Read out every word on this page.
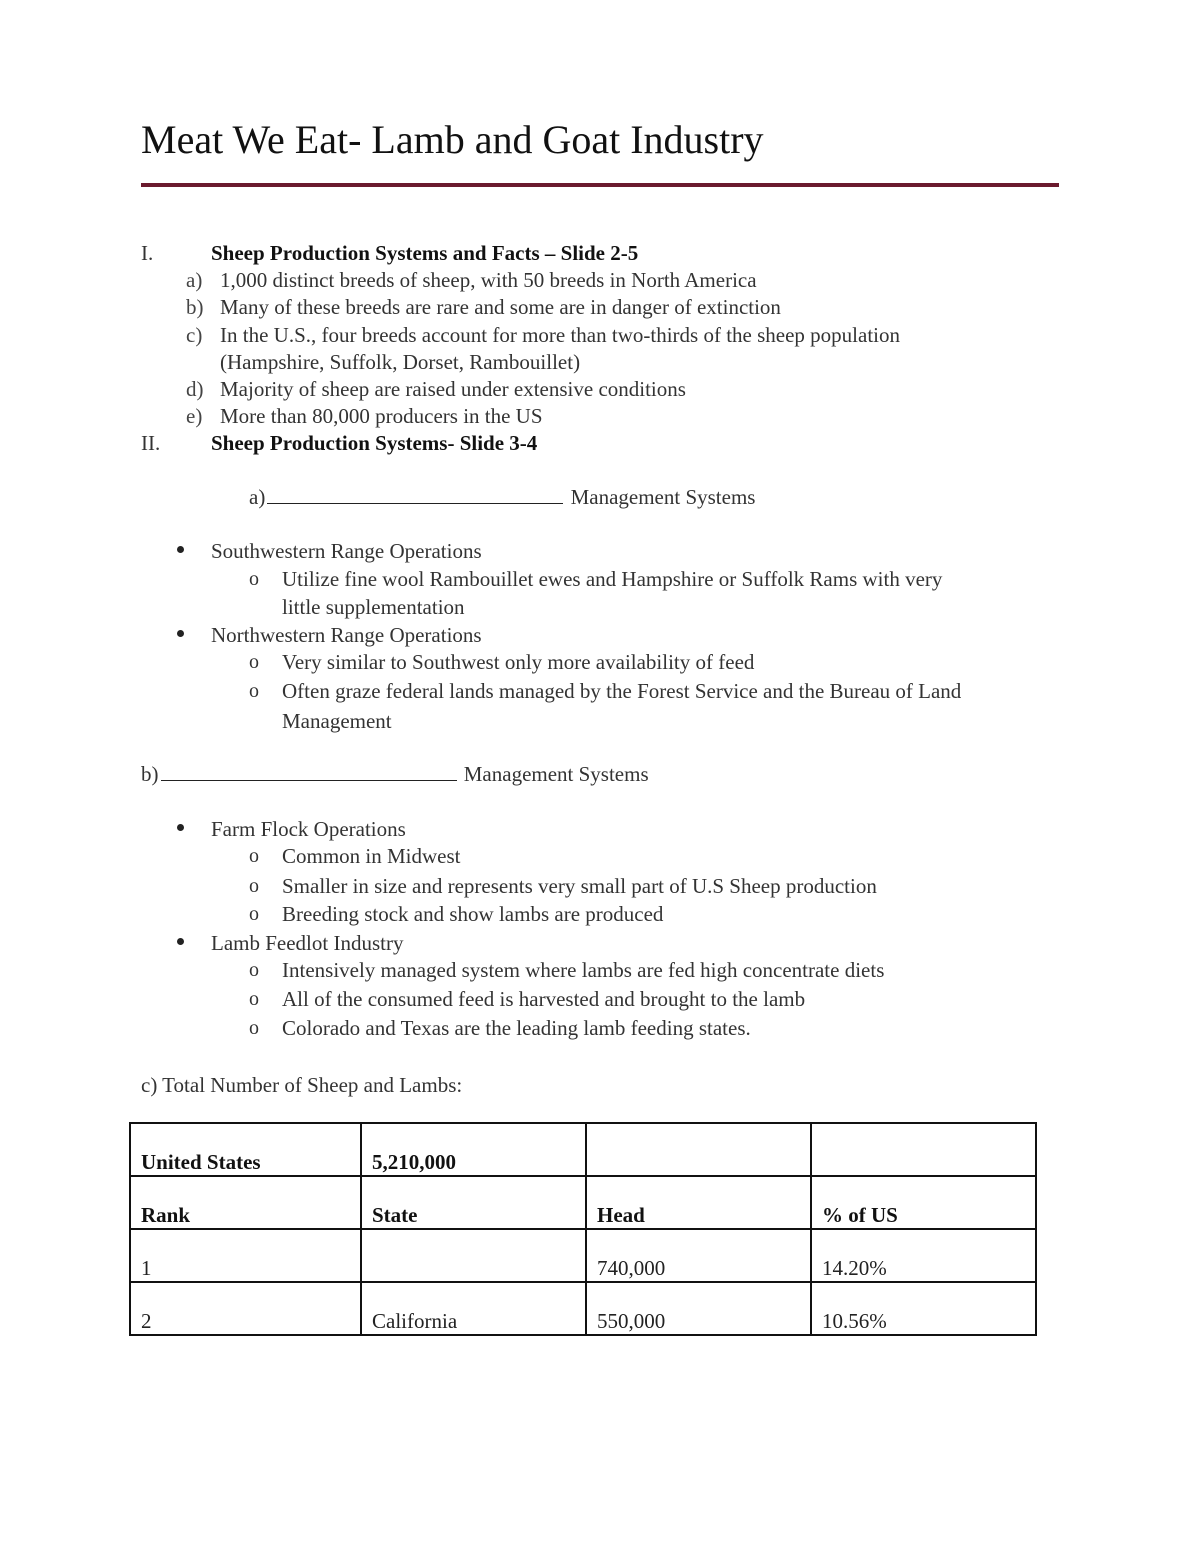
Meat We Eat- Lamb and Goat Industry
I.	Sheep Production Systems and Facts – Slide 2-5
a) 1,000 distinct breeds of sheep, with 50 breeds in North America
b) Many of these breeds are rare and some are in danger of extinction
c) In the U.S., four breeds account for more than two-thirds of the sheep population
(Hampshire, Suffolk, Dorset, Rambouillet)
d) Majority of sheep are raised under extensive conditions
e) More than 80,000 producers in the US
II. Sheep Production Systems- Slide 3-4
a)	Management Systems
Southwestern Range Operations
o Utilize fine wool Rambouillet ewes and Hampshire or Suffolk Rams with very
little supplementation
Northwestern Range Operations
o Very similar to Southwest only more availability of feed
o Often graze federal lands managed by the Forest Service and the Bureau of Land
Management
b)	Management Systems
Farm Flock Operations
o Common in Midwest
o Smaller in size and represents very small part of U.S Sheep production
o Breeding stock and show lambs are produced
Lamb Feedlot Industry
o Intensively managed system where lambs are fed high concentrate diets
o All of the consumed feed is harvested and brought to the lamb
o Colorado and Texas are the leading lamb feeding states.
c) Total Number of Sheep and Lambs:
United States	5,210,000		

Rank	State	Head	% of US

1		740,000	14.20%

2	California	550,000	10.56%
